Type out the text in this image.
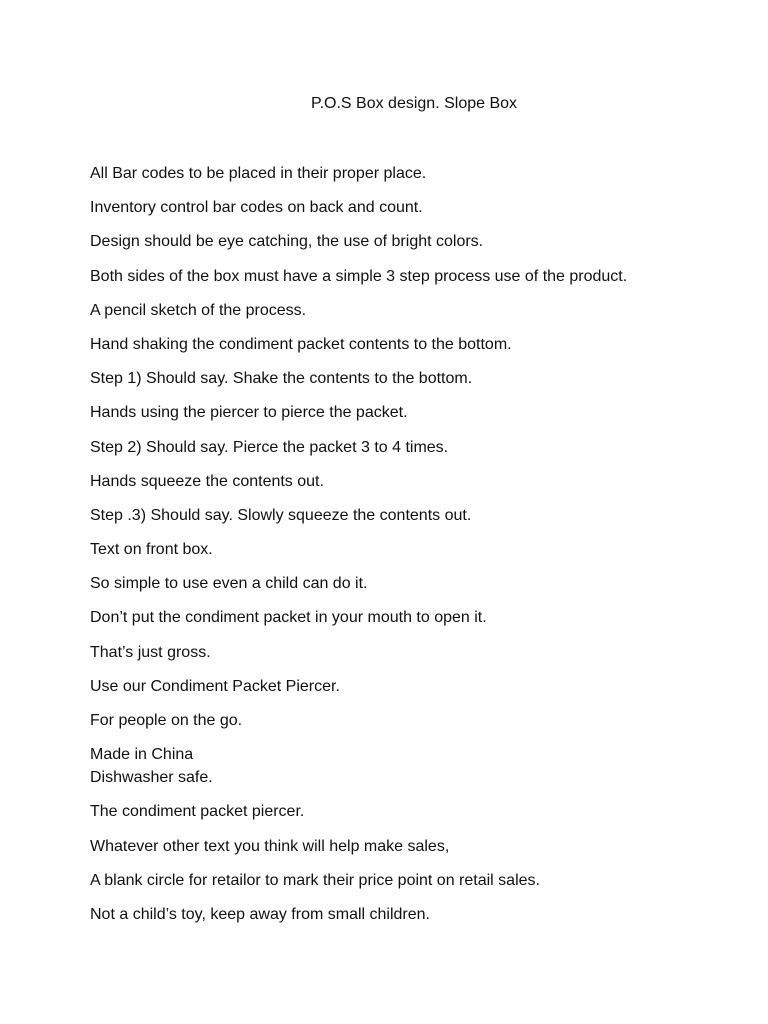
P.O.S Box design. Slope Box
All Bar codes to be placed in their proper place.
Inventory control bar codes on back and count.
Design should be eye catching, the use of bright colors.
Both sides of the box must have a simple 3 step process use of the product.
A pencil sketch of the process.
Hand shaking the condiment packet contents to the bottom.
Step 1) Should say. Shake the contents to the bottom.
Hands using the piercer to pierce the packet.
Step 2) Should say. Pierce the packet 3 to 4 times.
Hands squeeze the contents out.
Step .3) Should say. Slowly squeeze the contents out.
Text on front box.
So simple to use even a child can do it.
Don’t put the condiment packet in your mouth to open it.
That’s just gross.
Use our Condiment Packet Piercer.
For people on the go.
Made in China
Dishwasher safe.
The condiment packet piercer.
Whatever other text you think will help make sales,
A blank circle for retailor to mark their price point on retail sales.
Not a child’s toy, keep away from small children.
